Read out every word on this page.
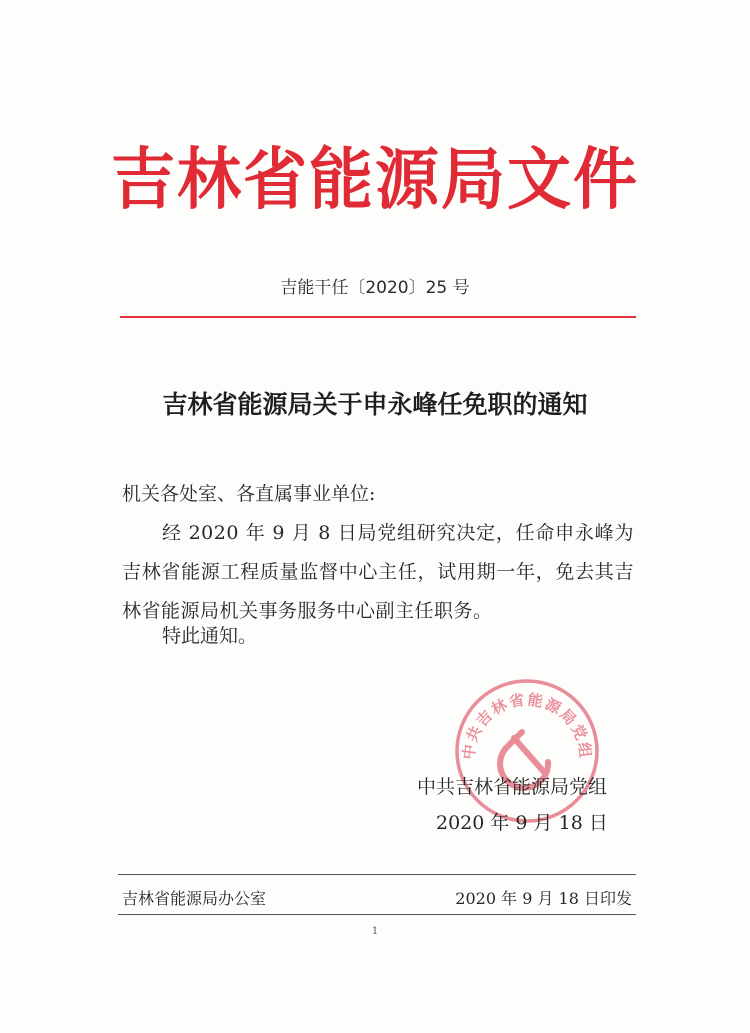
吉林省能源局文件
吉能干任〔2020〕25 号
吉林省能源局关于申永峰任免职的通知
机关各处室、各直属事业单位:
经 2020 年 9 月 8 日局党组研究决定，任命申永峰为吉林省能源工程质量监督中心主任，试用期一年，免去其吉林省能源局机关事务服务中心副主任职务。
特此通知。
中共吉林省能源局党组
中共吉林省能源局党组
2020 年 9 月 18 日
吉林省能源局办公室	2020 年 9 月 18 日印发
1
